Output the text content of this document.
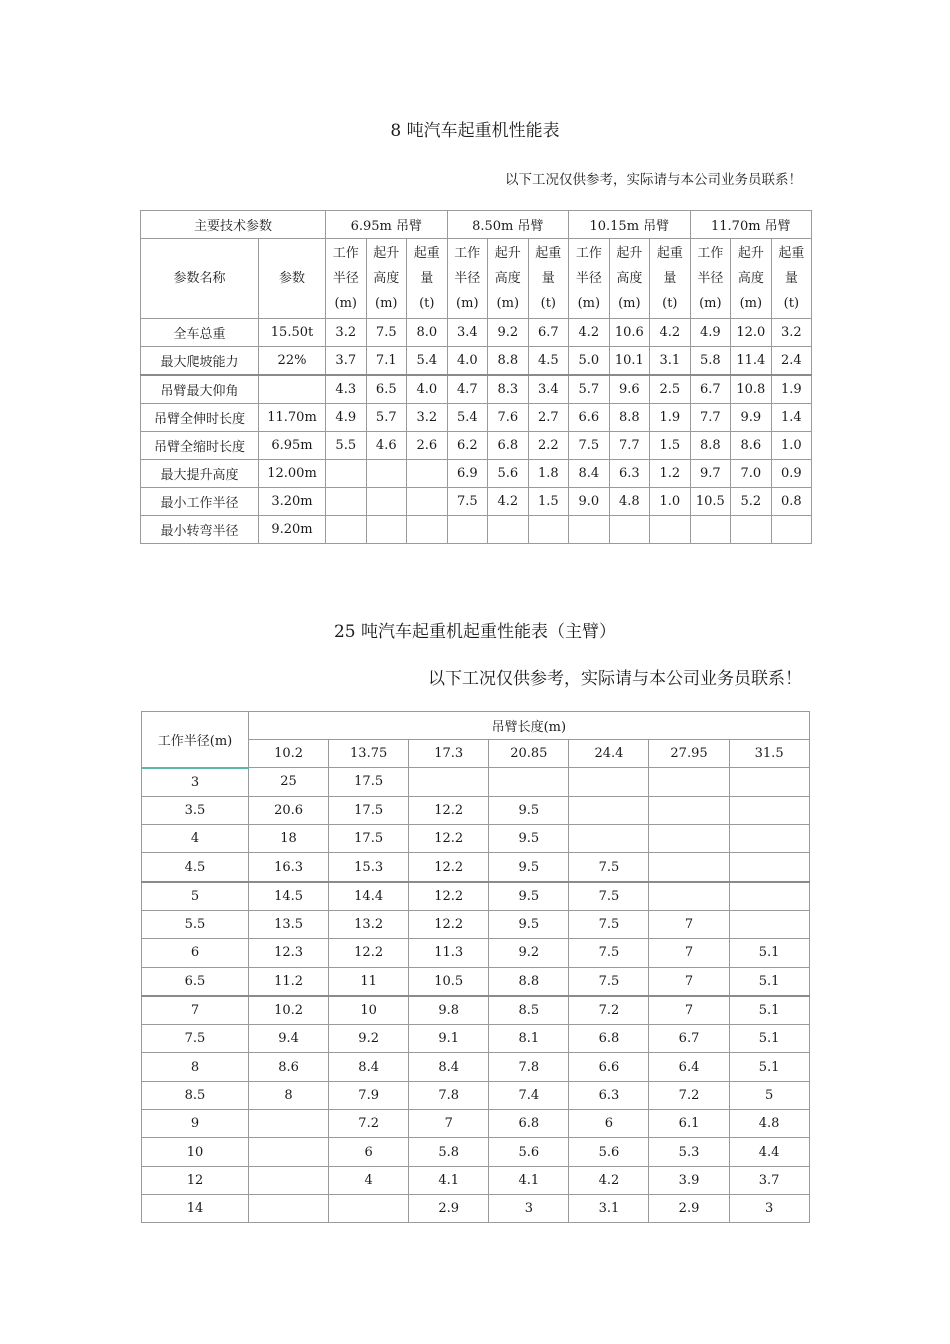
8 吨汽车起重机性能表
以下工况仅供参考，实际请与本公司业务员联系！
主要技术参数		6.95m 吊臂			8.50m 吊臂			10.15m 吊臂			11.70m 吊臂		
参数名称	参数	工作
半径
(m)	起升
高度
(m)	起重
量
(t)	工作
半径
(m)	起升
高度
(m)	起重
量
(t)	工作
半径
(m)	起升
高度
(m)	起重
量
(t)	工作
半径
(m)	起升
高度
(m)	起重
量
(t)
全车总重	15.50t	3.2	7.5	8.0	3.4	9.2	6.7	4.2	10.6	4.2	4.9	12.0	3.2
最大爬坡能力	22%	3.7	7.1	5.4	4.0	8.8	4.5	5.0	10.1	3.1	5.8	11.4	2.4
吊臂最大仰角		4.3	6.5	4.0	4.7	8.3	3.4	5.7	9.6	2.5	6.7	10.8	1.9
吊臂全伸时长度	11.70m	4.9	5.7	3.2	5.4	7.6	2.7	6.6	8.8	1.9	7.7	9.9	1.4
吊臂全缩时长度	6.95m	5.5	4.6	2.6	6.2	6.8	2.2	7.5	7.7	1.5	8.8	8.6	1.0
最大提升高度	12.00m				6.9	5.6	1.8	8.4	6.3	1.2	9.7	7.0	0.9
最小工作半径	3.20m				7.5	4.2	1.5	9.0	4.8	1.0	10.5	5.2	0.8
最小转弯半径	9.20m												
25 吨汽车起重机起重性能表（主臂）
以下工况仅供参考，实际请与本公司业务员联系！
工作半径(m)	吊臂长度(m)						
	10.2	13.75	17.3	20.85	24.4	27.95	31.5
3	25	17.5					
3.5	20.6	17.5	12.2	9.5			
4	18	17.5	12.2	9.5			
4.5	16.3	15.3	12.2	9.5	7.5		
5	14.5	14.4	12.2	9.5	7.5		
5.5	13.5	13.2	12.2	9.5	7.5	7	
6	12.3	12.2	11.3	9.2	7.5	7	5.1
6.5	11.2	11	10.5	8.8	7.5	7	5.1
7	10.2	10	9.8	8.5	7.2	7	5.1
7.5	9.4	9.2	9.1	8.1	6.8	6.7	5.1
8	8.6	8.4	8.4	7.8	6.6	6.4	5.1
8.5	8	7.9	7.8	7.4	6.3	7.2	5
9		7.2	7	6.8	6	6.1	4.8
10		6	5.8	5.6	5.6	5.3	4.4
12		4	4.1	4.1	4.2	3.9	3.7
14			2.9	3	3.1	2.9	3
